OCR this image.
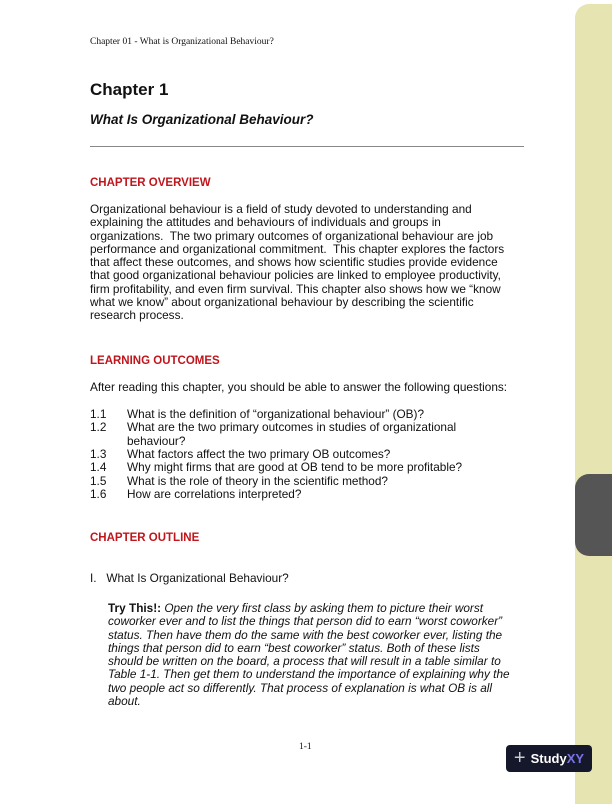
Chapter 01 - What is Organizational Behaviour?
Chapter 1
What Is Organizational Behaviour?
CHAPTER OVERVIEW
Organizational behaviour is a field of study devoted to understanding and
explaining the attitudes and behaviours of individuals and groups in
organizations.  The two primary outcomes of organizational behaviour are job
performance and organizational commitment.  This chapter explores the factors
that affect these outcomes, and shows how scientific studies provide evidence
that good organizational behaviour policies are linked to employee productivity,
firm profitability, and even firm survival. This chapter also shows how we “know
what we know” about organizational behaviour by describing the scientific
research process.
LEARNING OUTCOMES
After reading this chapter, you should be able to answer the following questions:
1.1	What is the definition of “organizational behaviour” (OB)?
1.2	What are the two primary outcomes in studies of organizational
behaviour?
1.3	What factors affect the two primary OB outcomes?
1.4	Why might firms that are good at OB tend to be more profitable?
1.5	What is the role of theory in the scientific method?
1.6	How are correlations interpreted?
CHAPTER OUTLINE
I.   What Is Organizational Behaviour?
Try This!: Open the very first class by asking them to picture their worst
coworker ever and to list the things that person did to earn “worst coworker”
status. Then have them do the same with the best coworker ever, listing the
things that person did to earn “best coworker” status. Both of these lists
should be written on the board, a process that will result in a table similar to
Table 1-1. Then get them to understand the importance of explaining why the
two people act so differently. That process of explanation is what OB is all
about.
1-1	+ StudyXY
